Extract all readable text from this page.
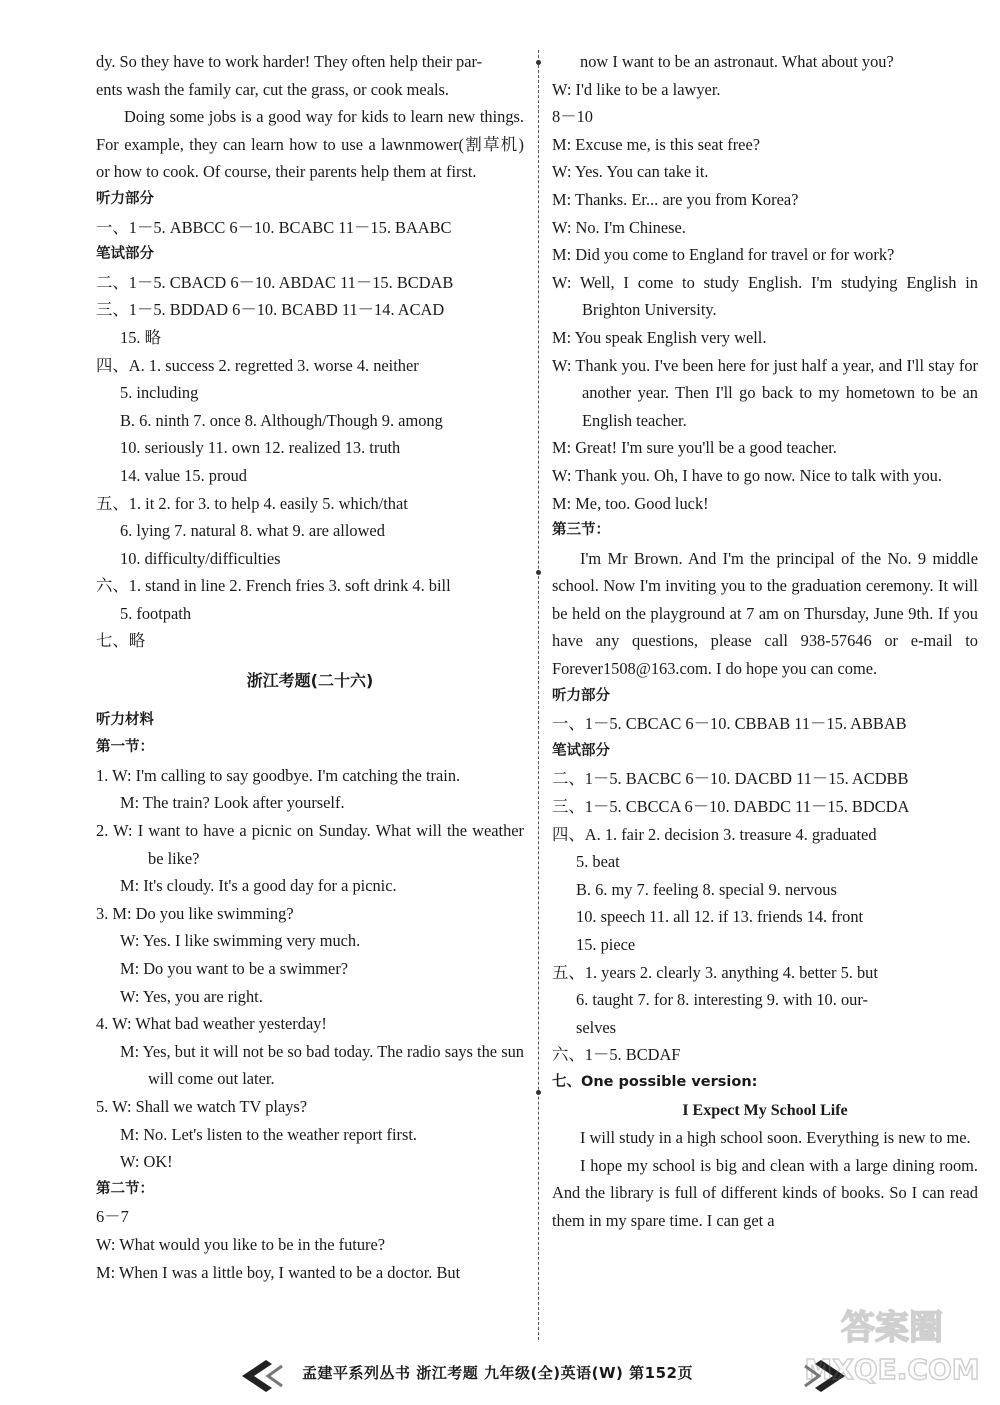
dy. So they have to work harder! They often help their par-
ents wash the family car, cut the grass, or cook meals.
Doing some jobs is a good way for kids to learn new things. For example, they can learn how to use a lawnmower(割草机) or how to cook. Of course, their parents help them at first.
听力部分
一、1－5. ABBCC 6－10. BCABC 11－15. BAABC
笔试部分
二、1－5. CBACD 6－10. ABDAC 11－15. BCDAB
三、1－5. BDDAD 6－10. BCABD 11－14. ACAD
15. 略
四、A. 1. success 2. regretted 3. worse 4. neither
5. including
B. 6. ninth 7. once 8. Although/Though 9. among
10. seriously 11. own 12. realized 13. truth
14. value 15. proud
五、1. it 2. for 3. to help 4. easily 5. which/that
6. lying 7. natural 8. what 9. are allowed
10. difficulty/difficulties
六、1. stand in line 2. French fries 3. soft drink 4. bill
5. footpath
七、略
浙江考题(二十六)
听力材料
第一节：
1. W: I'm calling to say goodbye. I'm catching the train.
M: The train? Look after yourself.
2. W: I want to have a picnic on Sunday. What will the weather be like?
M: It's cloudy. It's a good day for a picnic.
3. M: Do you like swimming?
W: Yes. I like swimming very much.
M: Do you want to be a swimmer?
W: Yes, you are right.
4. W: What bad weather yesterday!
M: Yes, but it will not be so bad today. The radio says the sun will come out later.
5. W: Shall we watch TV plays?
M: No. Let's listen to the weather report first.
W: OK!
第二节：
6－7
W: What would you like to be in the future?
M: When I was a little boy, I wanted to be a doctor. But
now I want to be an astronaut. What about you?
W: I'd like to be a lawyer.
8－10
M: Excuse me, is this seat free?
W: Yes. You can take it.
M: Thanks. Er... are you from Korea?
W: No. I'm Chinese.
M: Did you come to England for travel or for work?
W: Well, I come to study English. I'm studying English in Brighton University.
M: You speak English very well.
W: Thank you. I've been here for just half a year, and I'll stay for another year. Then I'll go back to my hometown to be an English teacher.
M: Great! I'm sure you'll be a good teacher.
W: Thank you. Oh, I have to go now. Nice to talk with you.
M: Me, too. Good luck!
第三节：
I'm Mr Brown. And I'm the principal of the No. 9 middle school. Now I'm inviting you to the graduation ceremony. It will be held on the playground at 7 am on Thursday, June 9th. If you have any questions, please call 938-57646 or e-mail to Forever1508@163.com. I do hope you can come.
听力部分
一、1－5. CBCAC 6－10. CBBAB 11－15. ABBAB
笔试部分
二、1－5. BACBC 6－10. DACBD 11－15. ACDBB
三、1－5. CBCCA 6－10. DABDC 11－15. BDCDA
四、A. 1. fair 2. decision 3. treasure 4. graduated
5. beat
B. 6. my 7. feeling 8. special 9. nervous
10. speech 11. all 12. if 13. friends 14. front
15. piece
五、1. years 2. clearly 3. anything 4. better 5. but
6. taught 7. for 8. interesting 9. with 10. our-
selves
六、1－5. BCDAF
七、One possible version:
I Expect My School Life
I will study in a high school soon. Everything is new to me.
I hope my school is big and clean with a large dining room. And the library is full of different kinds of books. So I can read them in my spare time. I can get a
孟建平系列丛书 浙江考题 九年级(全)英语(W) 第152页
答案圈
MXQE.COM
